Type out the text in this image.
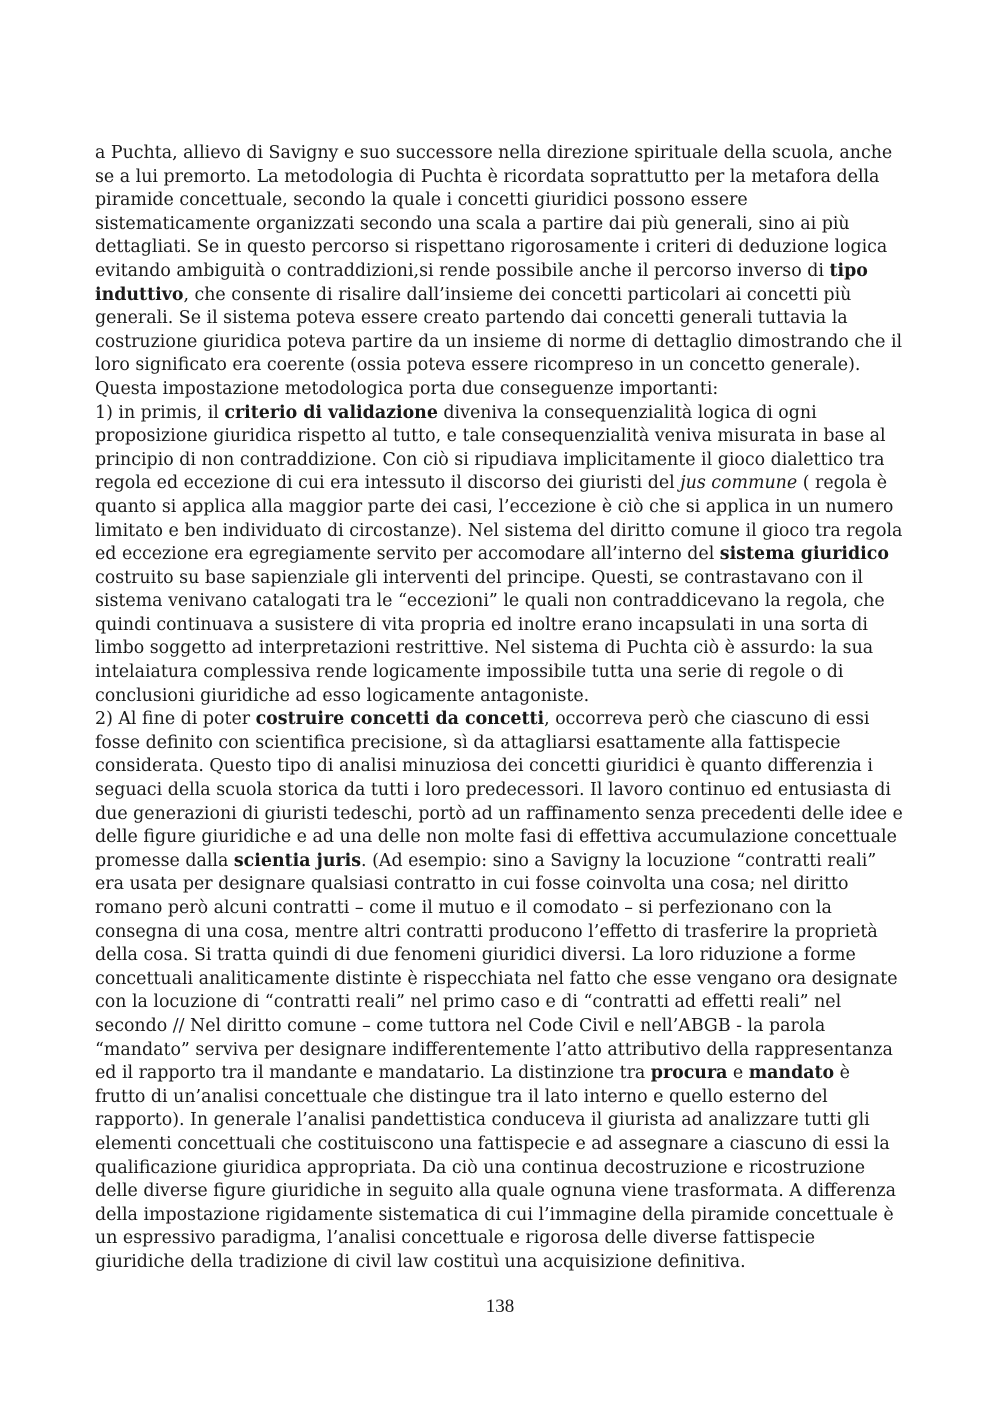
a Puchta, allievo di Savigny e suo successore nella direzione spirituale della scuola, anche se a lui premorto. La metodologia di Puchta è ricordata soprattutto per la metafora della piramide concettuale, secondo la quale i concetti giuridici possono essere sistematicamente organizzati secondo una scala a partire dai più generali, sino ai più dettagliati. Se in questo percorso si rispettano rigorosamente i criteri di deduzione logica evitando ambiguità o contraddizioni,si rende possibile anche il percorso inverso di tipo induttivo, che consente di risalire dall’insieme dei concetti particolari ai concetti più generali. Se il sistema poteva essere creato partendo dai concetti generali tuttavia la costruzione giuridica poteva partire da un insieme di norme di dettaglio dimostrando che il loro significato era coerente (ossia poteva essere ricompreso in un concetto generale).

Questa impostazione metodologica porta due conseguenze importanti:

1) in primis, il criterio di validazione diveniva la consequenzialità logica di ogni proposizione giuridica rispetto al tutto, e tale consequenzialità veniva misurata in base al principio di non contraddizione. Con ciò si ripudiava implicitamente il gioco dialettico tra regola ed eccezione di cui era intessuto il discorso dei giuristi del jus commune ( regola è quanto si applica alla maggior parte dei casi, l’eccezione è ciò che si applica in un numero limitato e ben individuato di circostanze). Nel sistema del diritto comune il gioco tra regola ed eccezione era egregiamente servito per accomodare all’interno del sistema giuridico costruito su base sapienziale gli interventi del principe. Questi, se contrastavano con il sistema venivano catalogati tra le “eccezioni” le quali non contraddicevano la regola, che quindi continuava a susistere di vita propria ed inoltre erano incapsulati in una sorta di limbo soggetto ad interpretazioni restrittive. Nel sistema di Puchta ciò è assurdo: la sua intelaiatura complessiva rende logicamente impossibile tutta una serie di regole o di conclusioni giuridiche ad esso logicamente antagoniste.

2) Al fine di poter costruire concetti da concetti, occorreva però che ciascuno di essi fosse definito con scientifica precisione, sì da attagliarsi esattamente alla fattispecie considerata. Questo tipo di analisi minuziosa dei concetti giuridici è quanto differenzia i seguaci della scuola storica da tutti i loro predecessori. Il lavoro continuo ed entusiasta di due generazioni di giuristi tedeschi, portò ad un raffinamento senza precedenti delle idee e delle figure giuridiche e ad una delle non molte fasi di effettiva accumulazione concettuale promesse dalla scientia juris. (Ad esempio: sino a Savigny la locuzione “contratti reali” era usata per designare qualsiasi contratto in cui fosse coinvolta una cosa; nel diritto romano però alcuni contratti – come il mutuo e il comodato – si perfezionano con la consegna di una cosa, mentre altri contratti producono l’effetto di trasferire la proprietà della cosa. Si tratta quindi di due fenomeni giuridici diversi. La loro riduzione a forme concettuali analiticamente distinte è rispecchiata nel fatto che esse vengano ora designate con la locuzione di “contratti reali” nel primo caso e di “contratti ad effetti reali” nel secondo // Nel diritto comune – come tuttora nel Code Civil e nell’ABGB - la parola “mandato” serviva per designare indifferentemente l’atto attributivo della rappresentanza ed il rapporto tra il mandante e mandatario. La distinzione tra procura e mandato è frutto di un’analisi concettuale che distingue tra il lato interno e quello esterno del rapporto). In generale l’analisi pandettistica conduceva il giurista ad analizzare tutti gli elementi concettuali che costituiscono una fattispecie e ad assegnare a ciascuno di essi la qualificazione giuridica appropriata. Da ciò una continua decostruzione e ricostruzione delle diverse figure giuridiche in seguito alla quale ognuna viene trasformata. A differenza della impostazione rigidamente sistematica di cui l’immagine della piramide concettuale è un espressivo paradigma, l’analisi concettuale e rigorosa delle diverse fattispecie giuridiche della tradizione di civil law costituì una acquisizione definitiva.

138
